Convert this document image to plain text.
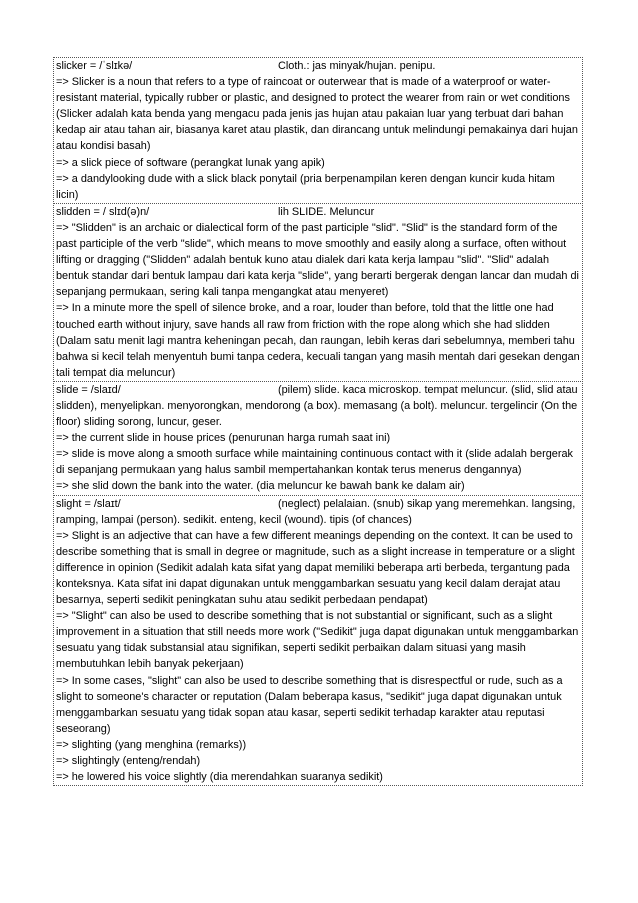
slicker = /ˈslɪkə/	Cloth.: jas minyak/hujan. penipu.

=> Slicker is a noun that refers to a type of raincoat or outerwear that is made of a waterproof or water-resistant material, typically rubber or plastic, and designed to protect the wearer from rain or wet conditions (Slicker adalah kata benda yang mengacu pada jenis jas hujan atau pakaian luar yang terbuat dari bahan kedap air atau tahan air, biasanya karet atau plastik, dan dirancang untuk melindungi pemakainya dari hujan atau kondisi basah)

=> a slick piece of software (perangkat lunak yang apik)

=> a dandylooking dude with a slick black ponytail (pria berpenampilan keren dengan kuncir kuda hitam licin)

slidden = / slɪd(ə)n/	lih SLIDE. Meluncur

=> "Slidden" is an archaic or dialectical form of the past participle "slid". "Slid" is the standard form of the past participle of the verb "slide", which means to move smoothly and easily along a surface, often without lifting or dragging ("Slidden" adalah bentuk kuno atau dialek dari kata kerja lampau "slid". "Slid" adalah bentuk standar dari bentuk lampau dari kata kerja "slide", yang berarti bergerak dengan lancar dan mudah di sepanjang permukaan, sering kali tanpa mengangkat atau menyeret)

=> In a minute more the spell of silence broke, and a roar, louder than before, told that the little one had touched earth without injury, save hands all raw from friction with the rope along which she had slidden (Dalam satu menit lagi mantra keheningan pecah, dan raungan, lebih keras dari sebelumnya, memberi tahu bahwa si kecil telah menyentuh bumi tanpa cedera, kecuali tangan yang masih mentah dari gesekan dengan tali tempat dia meluncur)

slide = /slaɪd/	(pilem) slide. kaca microskop. tempat meluncur. (slid, slid atau

slidden), menyelipkan. menyorongkan, mendorong (a box). memasang (a bolt). meluncur. tergelincir (On the floor) sliding sorong, luncur, geser.

=> the current slide in house prices (penurunan harga rumah saat ini)

=> slide is move along a smooth surface while maintaining continuous contact with it (slide adalah bergerak di sepanjang permukaan yang halus sambil mempertahankan kontak terus menerus dengannya)

=> she slid down the bank into the water. (dia meluncur ke bawah bank ke dalam air)

slight = /slaɪt/	(neglect) pelalaian. (snub) sikap yang meremehkan. langsing,

ramping, lampai (person). sedikit. enteng, kecil (wound). tipis (of chances)

=> Slight is an adjective that can have a few different meanings depending on the context. It can be used to describe something that is small in degree or magnitude, such as a slight increase in temperature or a slight difference in opinion (Sedikit adalah kata sifat yang dapat memiliki beberapa arti berbeda, tergantung pada konteksnya. Kata sifat ini dapat digunakan untuk menggambarkan sesuatu yang kecil dalam derajat atau besarnya, seperti sedikit peningkatan suhu atau sedikit perbedaan pendapat)

=> "Slight" can also be used to describe something that is not substantial or significant, such as a slight improvement in a situation that still needs more work ("Sedikit" juga dapat digunakan untuk menggambarkan sesuatu yang tidak substansial atau signifikan, seperti sedikit perbaikan dalam situasi yang masih membutuhkan lebih banyak pekerjaan)

=> In some cases, "slight" can also be used to describe something that is disrespectful or rude, such as a slight to someone's character or reputation (Dalam beberapa kasus, "sedikit" juga dapat digunakan untuk menggambarkan sesuatu yang tidak sopan atau kasar, seperti sedikit terhadap karakter atau reputasi seseorang)

=> slighting (yang menghina (remarks))

=> slightingly (enteng/rendah)

=> he lowered his voice slightly (dia merendahkan suaranya sedikit)
